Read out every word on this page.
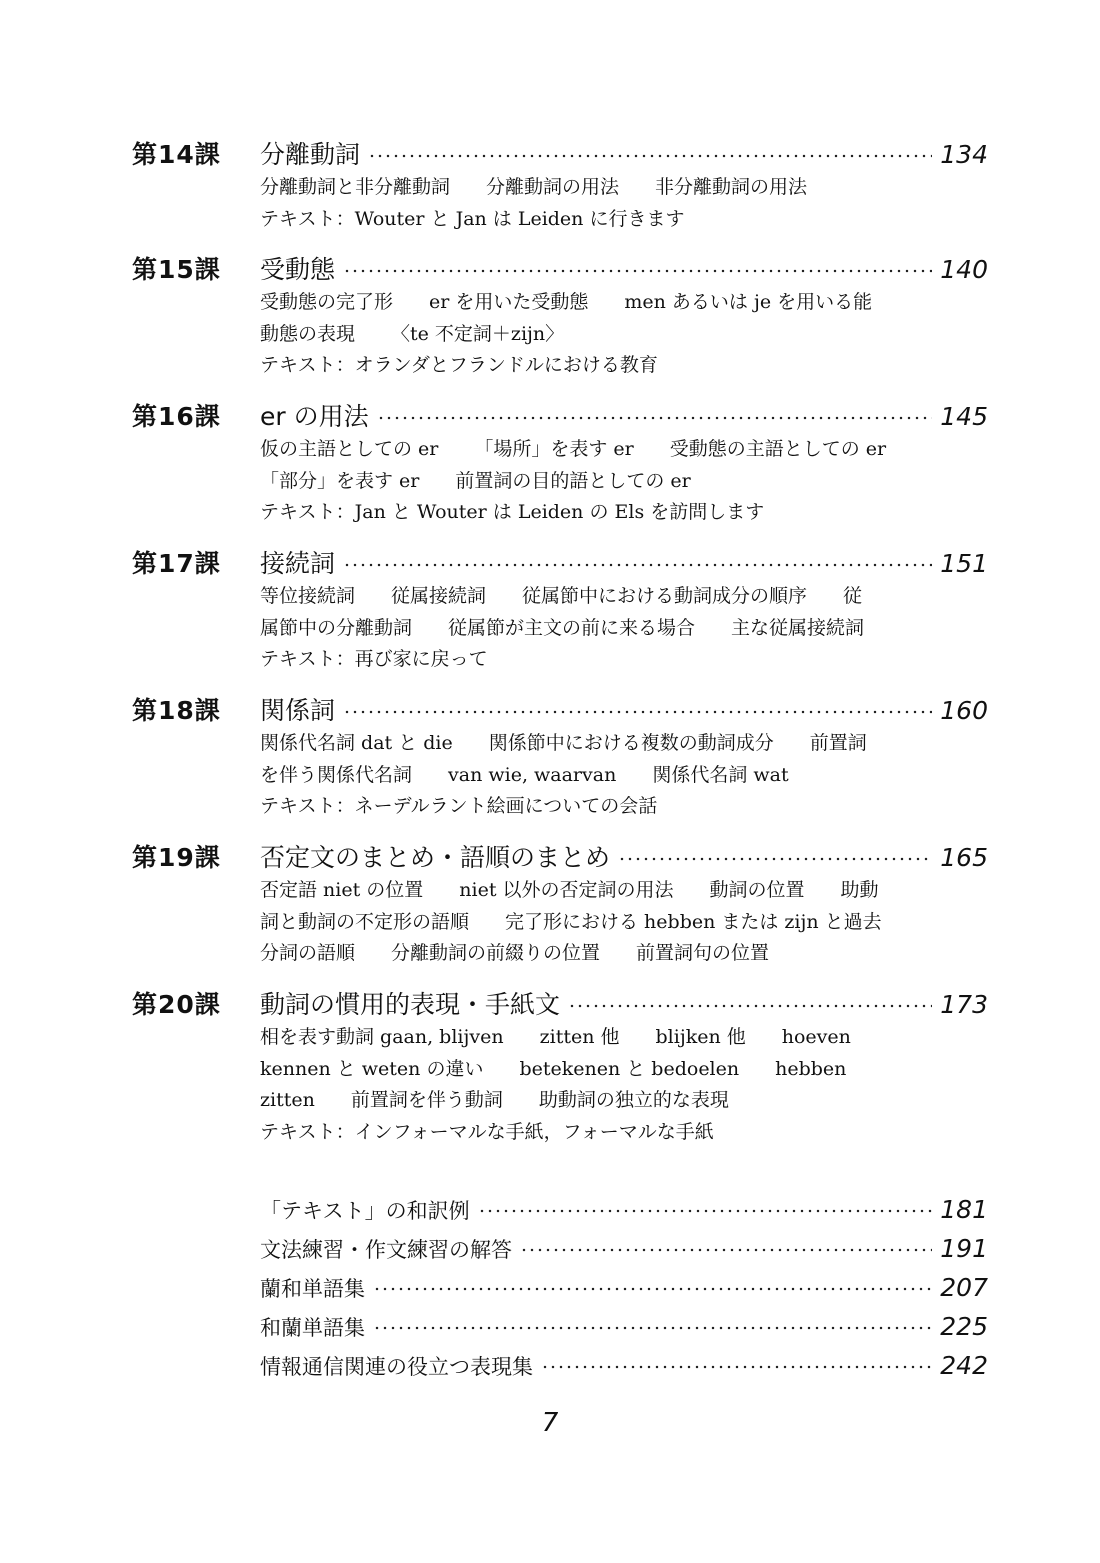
第14課	分離動詞	134
分離動詞と非分離動詞 分離動詞の用法 非分離動詞の用法
テキスト：Wouter と Jan は Leiden に行きます
第15課	受動態	140
受動態の完了形 er を用いた受動態 men あるいは je を用いる能
動態の表現 〈te 不定詞＋zijn〉
テキスト：オランダとフランドルにおける教育
第16課	er の用法	145
仮の主語としての er 「場所」を表す er 受動態の主語としての er
「部分」を表す er 前置詞の目的語としての er
テキスト：Jan と Wouter は Leiden の Els を訪問します
第17課	接続詞	151
等位接続詞 従属接続詞 従属節中における動詞成分の順序 従
属節中の分離動詞 従属節が主文の前に来る場合 主な従属接続詞
テキスト：再び家に戻って
第18課	関係詞	160
関係代名詞 dat と die 関係節中における複数の動詞成分 前置詞
を伴う関係代名詞 van wie, waarvan 関係代名詞 wat
テキスト：ネーデルラント絵画についての会話
第19課	否定文のまとめ・語順のまとめ	165
否定語 niet の位置 niet 以外の否定詞の用法 動詞の位置 助動
詞と動詞の不定形の語順 完了形における hebben または zijn と過去
分詞の語順 分離動詞の前綴りの位置 前置詞句の位置
第20課	動詞の慣用的表現・手紙文	173
相を表す動詞 gaan, blijven zitten 他 blijken 他 hoeven
kennen と weten の違い betekenen と bedoelen hebben
zitten 前置詞を伴う動詞 助動詞の独立的な表現
テキスト：インフォーマルな手紙，フォーマルな手紙
「テキスト」の和訳例	181
文法練習・作文練習の解答	191
蘭和単語集	207
和蘭単語集	225
情報通信関連の役立つ表現集	242
7
